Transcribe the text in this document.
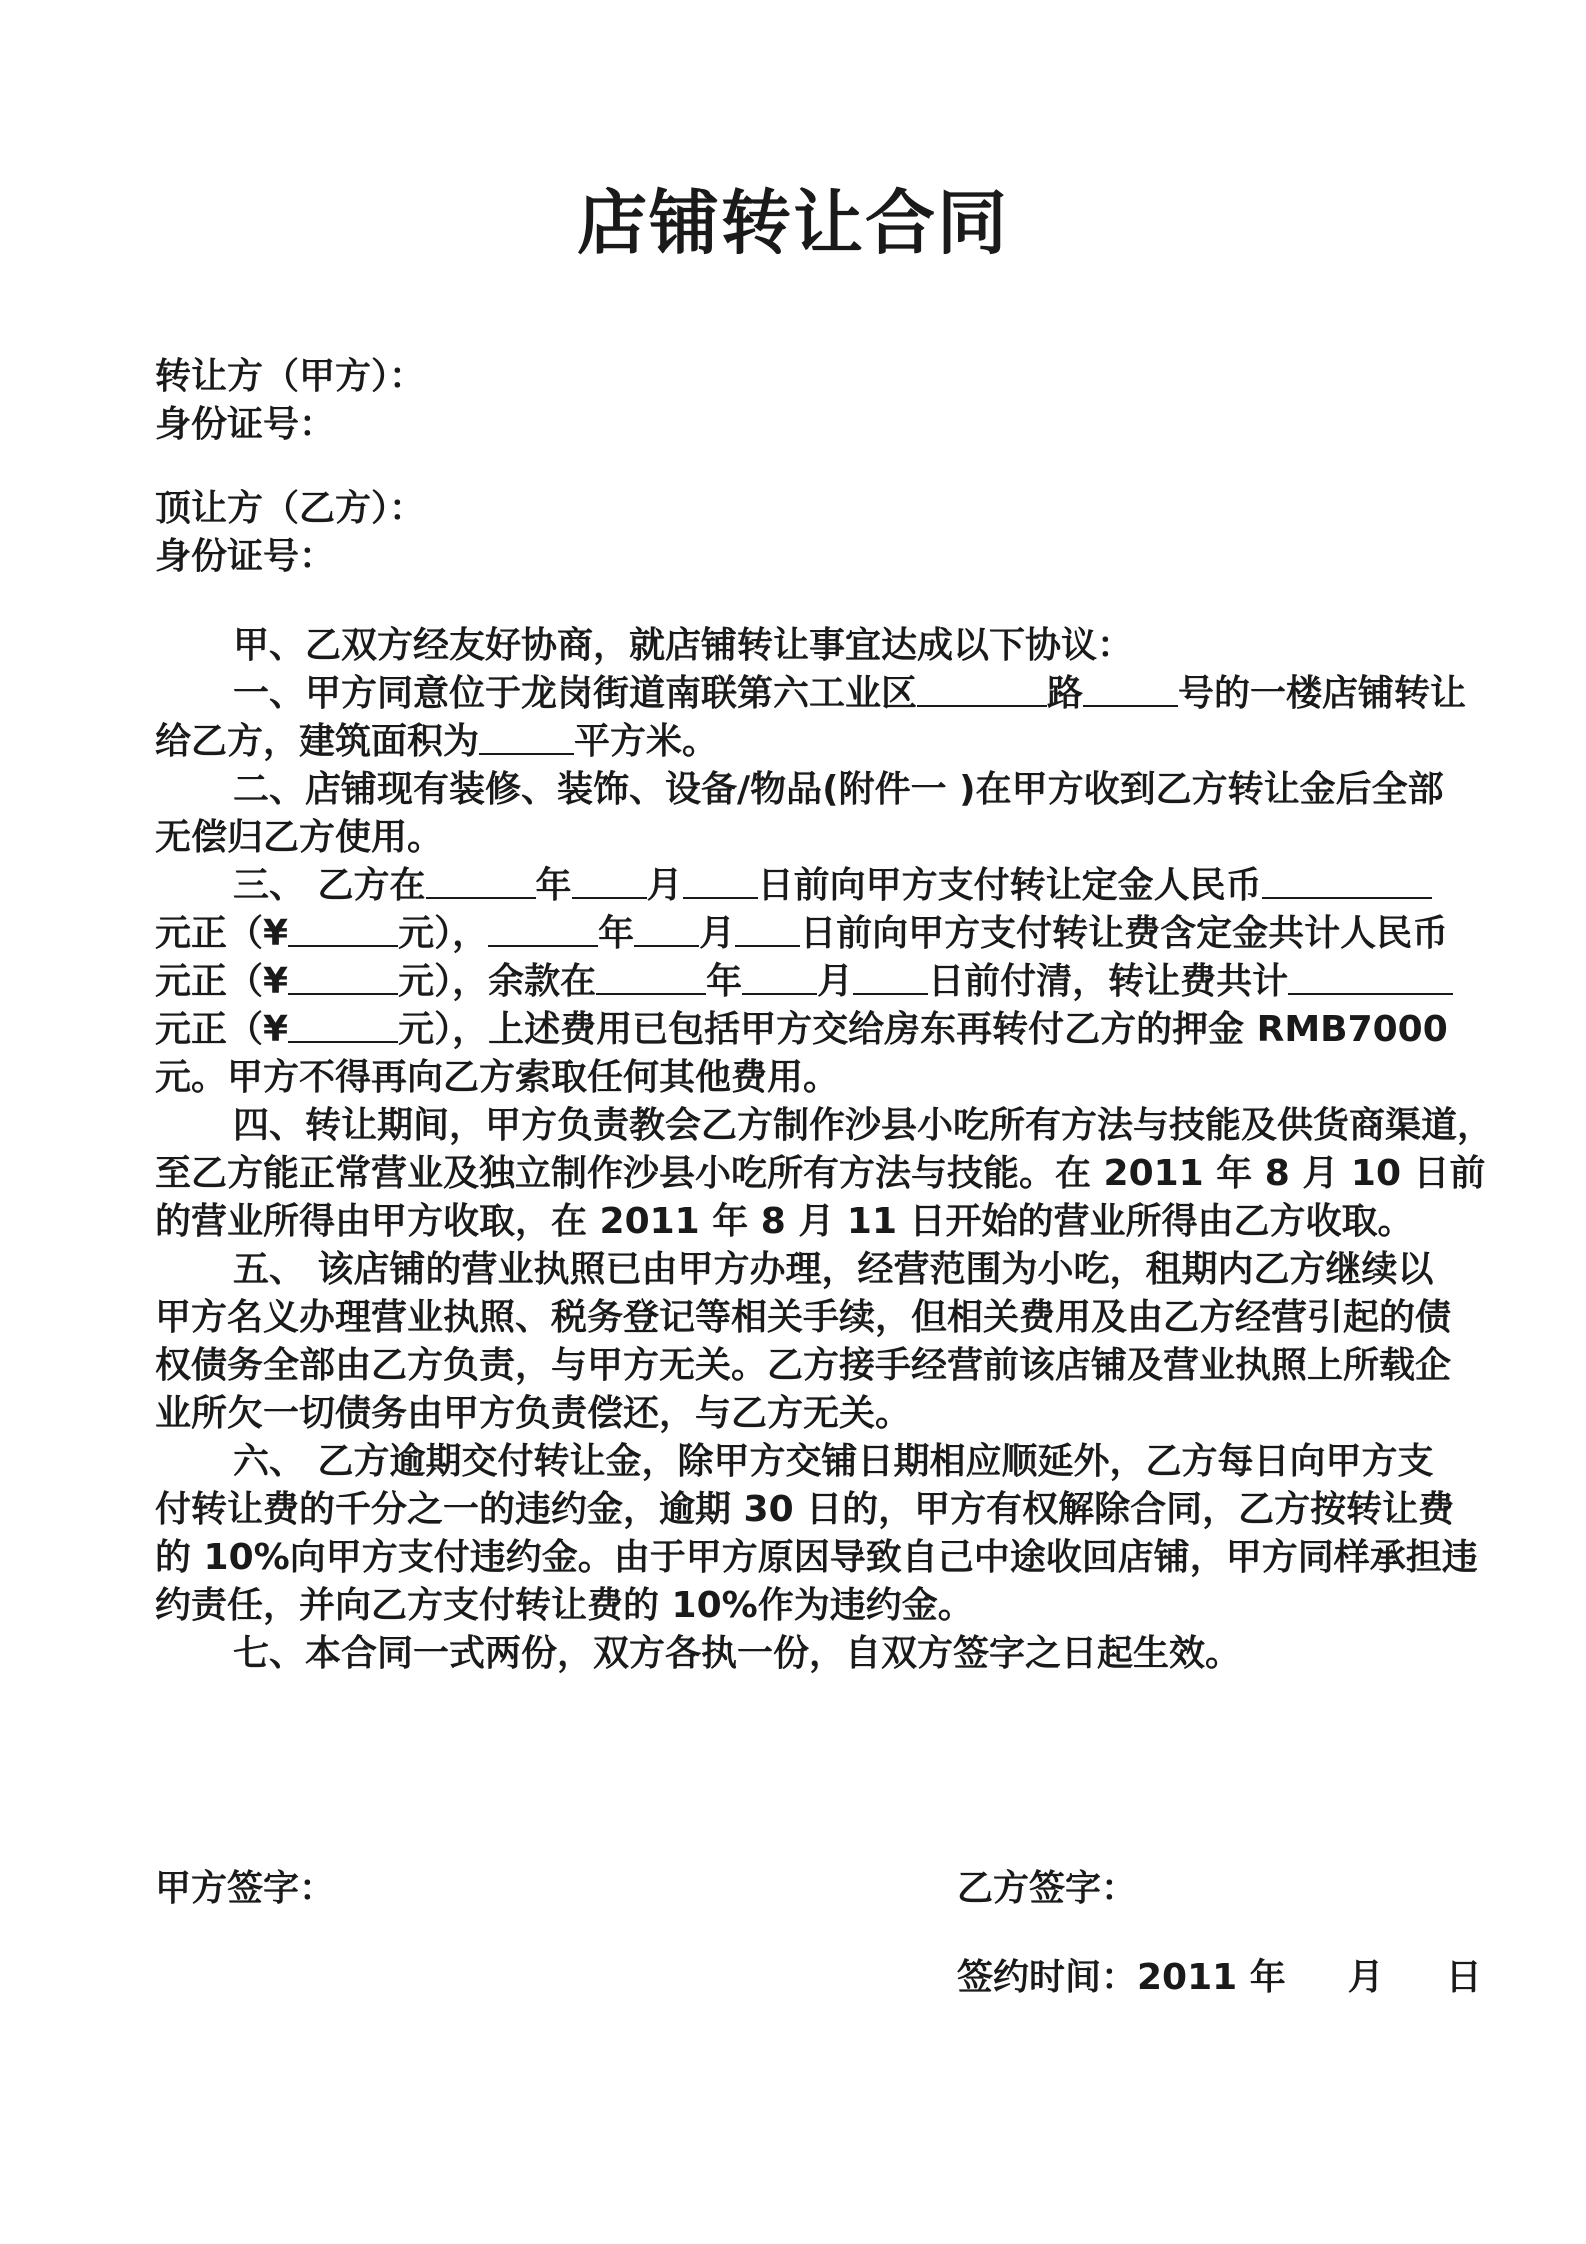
店铺转让合同
转让方（甲方）：
身份证号：
顶让方（乙方）：
身份证号：
甲、乙双方经友好协商，就店铺转让事宜达成以下协议：
一、甲方同意位于龙岗街道南联第六工业区	路	号的一楼店铺转让
给乙方，建筑面积为	平方米。
二、店铺现有装修、装饰、设备/物品(附件一 )在甲方收到乙方转让金后全部
无偿归乙方使用。
三、 乙方在	年 月 日前向甲方支付转让定金人民币
元正（¥	元），	年 月 日前向甲方支付转让费含定金共计人民币
元正（¥	元），余款在	年 月 日前付清，转让费共计
元正（¥	元），上述费用已包括甲方交给房东再转付乙方的押金 RMB7000
元。甲方不得再向乙方索取任何其他费用。
四、转让期间，甲方负责教会乙方制作沙县小吃所有方法与技能及供货商渠道，
至乙方能正常营业及独立制作沙县小吃所有方法与技能。在 2011 年 8 月 10 日前
的营业所得由甲方收取，在 2011 年 8 月 11 日开始的营业所得由乙方收取。
五、 该店铺的营业执照已由甲方办理，经营范围为小吃，租期内乙方继续以
甲方名义办理营业执照、税务登记等相关手续，但相关费用及由乙方经营引起的债
权债务全部由乙方负责，与甲方无关。乙方接手经营前该店铺及营业执照上所载企
业所欠一切债务由甲方负责偿还，与乙方无关。
六、 乙方逾期交付转让金，除甲方交铺日期相应顺延外，乙方每日向甲方支
付转让费的千分之一的违约金，逾期 30 日的，甲方有权解除合同，乙方按转让费
的 10%向甲方支付违约金。由于甲方原因导致自己中途收回店铺，甲方同样承担违
约责任，并向乙方支付转让费的 10%作为违约金。
七、本合同一式两份，双方各执一份，自双方签字之日起生效。
甲方签字：	乙方签字：
签约时间：2011 年 月 日
